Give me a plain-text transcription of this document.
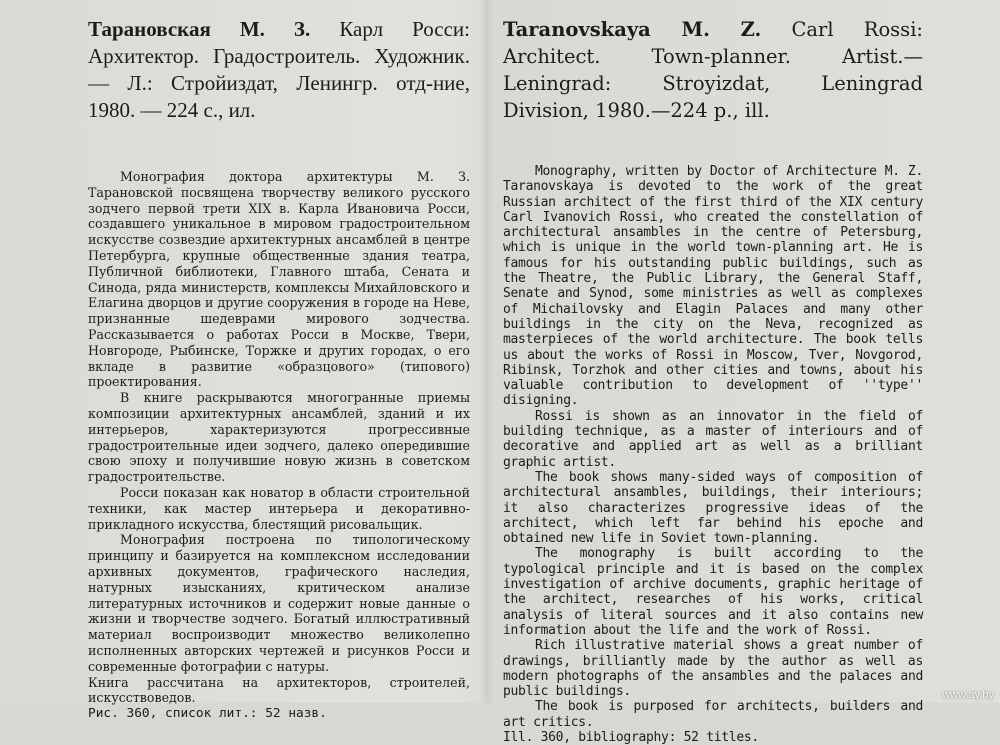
Тарановская М. З. Карл Росси: Архитектор. Градостроитель. Художник.— Л.: Стройиздат, Ленингр. отд-ние, 1980. — 224 с., ил.

Монография доктора архитектуры М. З. Тарановской посвящена творчеству великого русского зодчего первой трети XIX в. Карла Ивановича Росси, создавшего уникальное в мировом градостроительном искусстве созвездие архитектурных ансамблей в центре Петербурга, крупные общественные здания театра, Публичной библиотеки, Главного штаба, Сената и Синода, ряда министерств, комплексы Михайловского и Елагина дворцов и другие сооружения в городе на Неве, признанные шедеврами мирового зодчества. Рассказывается о работах Росси в Москве, Твери, Новгороде, Рыбинске, Торжке и других городах, о его вкладе в развитие «образцового» (типового) проектирования.

В книге раскрываются многогранные приемы композиции архитектурных ансамблей, зданий и их интерьеров, характеризуются прогрессивные градостроительные идеи зодчего, далеко опередившие свою эпоху и получившие новую жизнь в советском градостроительстве.

Росси показан как новатор в области строительной техники, как мастер интерьера и декоративно-прикладного искусства, блестящий рисовальщик.

Монография построена по типологическому принципу и базируется на комплексном исследовании архивных документов, графического наследия, натурных изысканиях, критическом анализе литературных источников и содержит новые данные о жизни и творчестве зодчего. Богатый иллюстративный материал воспроизводит множество великолепно исполненных авторских чертежей и рисунков Росси и современные фотографии с натуры.

Книга рассчитана на архитекторов, строителей, искусствоведов.

Рис. 360, список лит.: 52 назв.

Taranovskaya M. Z. Carl Rossi: Architect. Town-planner. Artist.— Leningrad: Stroyizdat, Leningrad Division, 1980.—224 p., ill.

Monography, written by Doctor of Architecture M. Z. Taranovskaya is devoted to the work of the great Russian architect of the first third of the XIX century Carl Ivanovich Rossi, who created the constellation of architectural ansambles in the centre of Petersburg, which is unique in the world town-planning art. He is famous for his outstanding public buildings, such as the Theatre, the Public Library, the General Staff, Senate and Synod, some ministries as well as complexes of Michailovsky and Elagin Palaces and many other buildings in the city on the Neva, recognized as masterpieces of the world architecture. The book tells us about the works of Rossi in Moscow, Tver, Novgorod, Ribinsk, Torzhok and other cities and towns, about his valuable contribution to development of ''type'' disigning.

Rossi is shown as an innovator in the field of building technique, as a master of interiours and of decorative and applied art as well as a brilliant graphic artist.

The book shows many-sided ways of composition of architectural ansambles, buildings, their interiours; it also characterizes progressive ideas of the architect, which left far behind his epoche and obtained new life in Soviet town-planning.

The monography is built according to the typological principle and it is based on the complex investigation of archive documents, graphic heritage of the architect, researches of his works, critical analysis of literal sources and it also contains new information about the life and the work of Rossi.

Rich illustrative material shows a great number of drawings, brilliantly made by the author as well as modern photographs of the ansambles and the palaces and public buildings.

The book is purposed for architects, builders and art critics.

Ill. 360, bibliography: 52 titles.

www.ay.by
